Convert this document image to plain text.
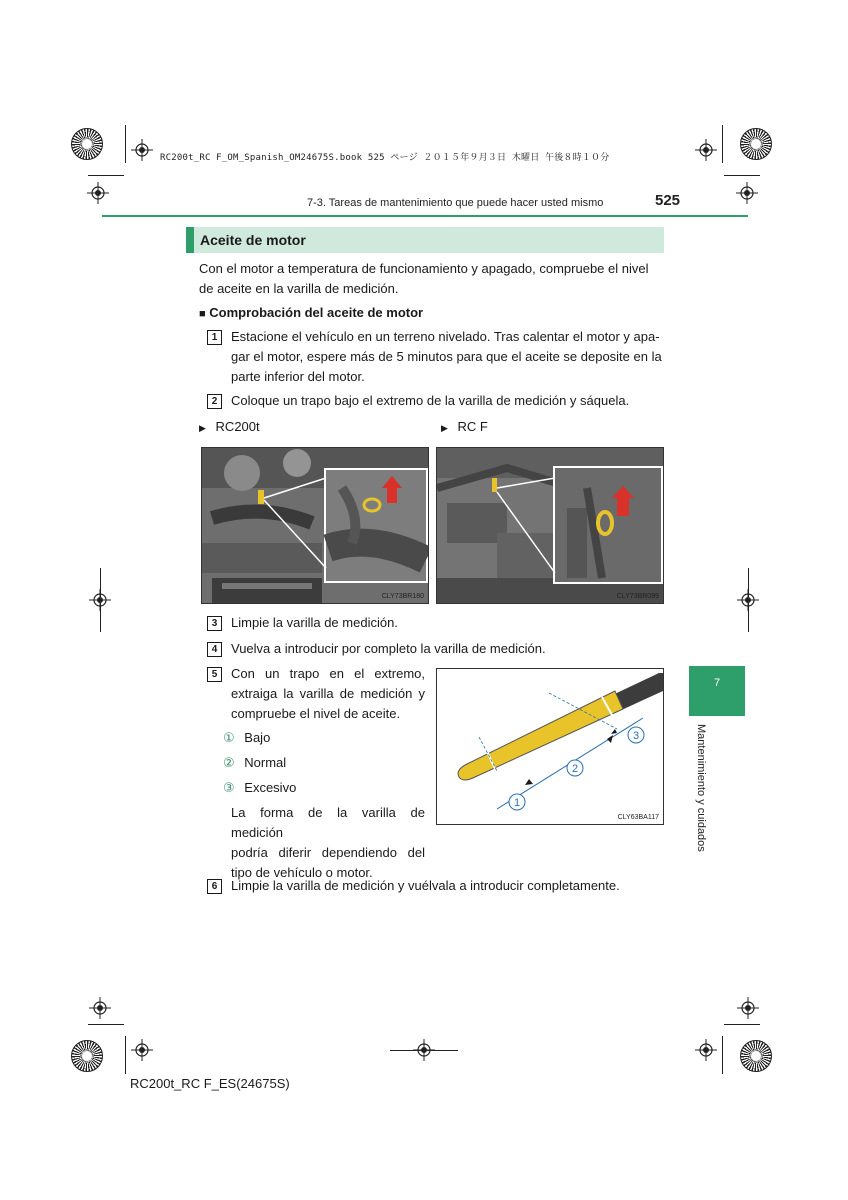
RC200t_RC F_OM_Spanish_OM24675S.book 525 ページ ２０１５年９月３日 木曜日 午後８時１０分
7-3. Tareas de mantenimiento que puede hacer usted mismo	525
Aceite de motor
Con el motor a temperatura de funcionamiento y apagado, compruebe el nivel de aceite en la varilla de medición.
■ Comprobación del aceite de motor
1	Estacione el vehículo en un terreno nivelado. Tras calentar el motor y apa-
gar el motor, espere más de 5 minutos para que el aceite se deposite en la
parte inferior del motor.
2	Coloque un trapo bajo el extremo de la varilla de medición y sáquela.
▶ RC200t	▶ RC F
CLY73BR180	CLY73BR099
3	Limpie la varilla de medición.
4	Vuelva a introducir por completo la varilla de medición.
5	Con un trapo en el extremo,
extraiga la varilla de medición y
compruebe el nivel de aceite.
① Bajo
② Normal
③ Excesivo
La forma de la varilla de medición
podría diferir dependiendo del
tipo de vehículo o motor.
1
2
3
CLY63BA117
6	Limpie la varilla de medición y vuélvala a introducir completamente.
7
Mantenimiento y cuidados
RC200t_RC F_ES(24675S)
